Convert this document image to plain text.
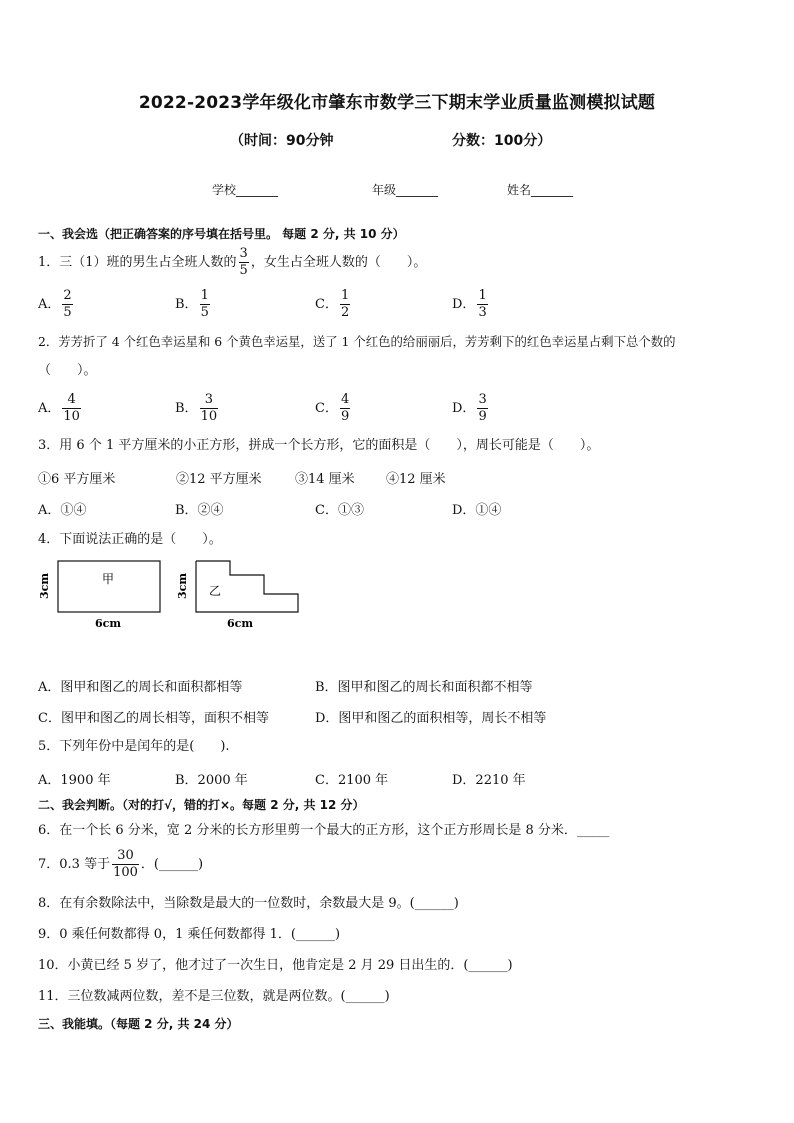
2022-2023学年级化市肇东市数学三下期末学业质量监测模拟试题
（时间：90分钟	分数：100分）
学校_______	年级_______	姓名_______
一、我会选（把正确答案的序号填在括号里。 每题 2 分, 共 10 分）
1．三（1）班的男生占全班人数的 $\frac{3}{5}$ ，女生占全班人数的（　　）。
A． $\frac{2}{5}$	B． $\frac{1}{5}$	C． $\frac{1}{2}$	D． $\frac{1}{3}$
2．芳芳折了 4 个红色幸运星和 6 个黄色幸运星，送了 1 个红色的给丽丽后，芳芳剩下的红色幸运星占剩下总个数的
（　　）。
A． $\frac{4}{10}$	B． $\frac{3}{10}$	C． $\frac{4}{9}$	D． $\frac{3}{9}$
3．用 6 个 1 平方厘米的小正方形，拼成一个长方形，它的面积是（　　），周长可能是（　　）。
①6 平方厘米	②12 平方厘米	③14 厘米 ④12 厘米
A．①④	B．②④	C．①③	D．①④
4．下面说法正确的是（　　）。
甲
3cm
6cm
乙
3cm
6cm
A．图甲和图乙的周长和面积都相等	B．图甲和图乙的周长和面积都不相等
C．图甲和图乙的周长相等，面积不相等	D．图甲和图乙的面积相等，周长不相等
5．下列年份中是闰年的是(　　).
A．1900 年	B．2000 年	C．2100 年	D．2210 年
二、我会判断。（对的打√，错的打×。每题 2 分, 共 12 分）
6．在一个长 6 分米，宽 2 分米的长方形里剪一个最大的正方形，这个正方形周长是 8 分米．_____
7．0.3 等于 $\frac{30}{100}$ ．(______)
8．在有余数除法中，当除数是最大的一位数时，余数最大是 9。(______)
9．0 乘任何数都得 0，1 乘任何数都得 1．(______)
10．小黄已经 5 岁了，他才过了一次生日，他肯定是 2 月 29 日出生的．(______)
11．三位数减两位数，差不是三位数，就是两位数。(______)
三、我能填。（每题 2 分, 共 24 分）
